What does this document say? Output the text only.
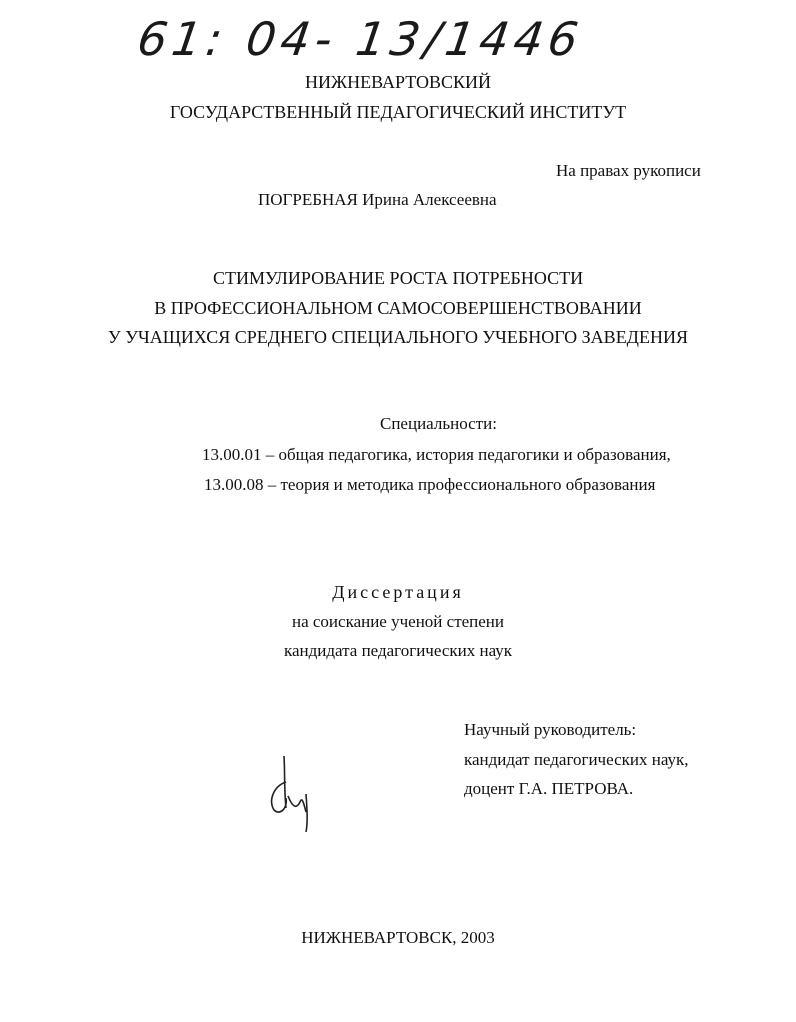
61: 04- 13/1446
НИЖНЕВАРТОВСКИЙ
ГОСУДАРСТВЕННЫЙ ПЕДАГОГИЧЕСКИЙ ИНСТИТУТ
На правах рукописи
ПОГРЕБНАЯ Ирина Алексеевна
СТИМУЛИРОВАНИЕ РОСТА ПОТРЕБНОСТИ
В ПРОФЕССИОНАЛЬНОМ САМОСОВЕРШЕНСТВОВАНИИ
У УЧАЩИХСЯ СРЕДНЕГО СПЕЦИАЛЬНОГО УЧЕБНОГО ЗАВЕДЕНИЯ
Специальности:
13.00.01 – общая педагогика, история педагогики и образования,
13.00.08 – теория и методика профессионального образования
Диссертация
на соискание ученой степени
кандидата педагогических наук
Научный руководитель:
кандидат педагогических наук,
доцент Г.А. ПЕТРОВА.
НИЖНЕВАРТОВСК, 2003
